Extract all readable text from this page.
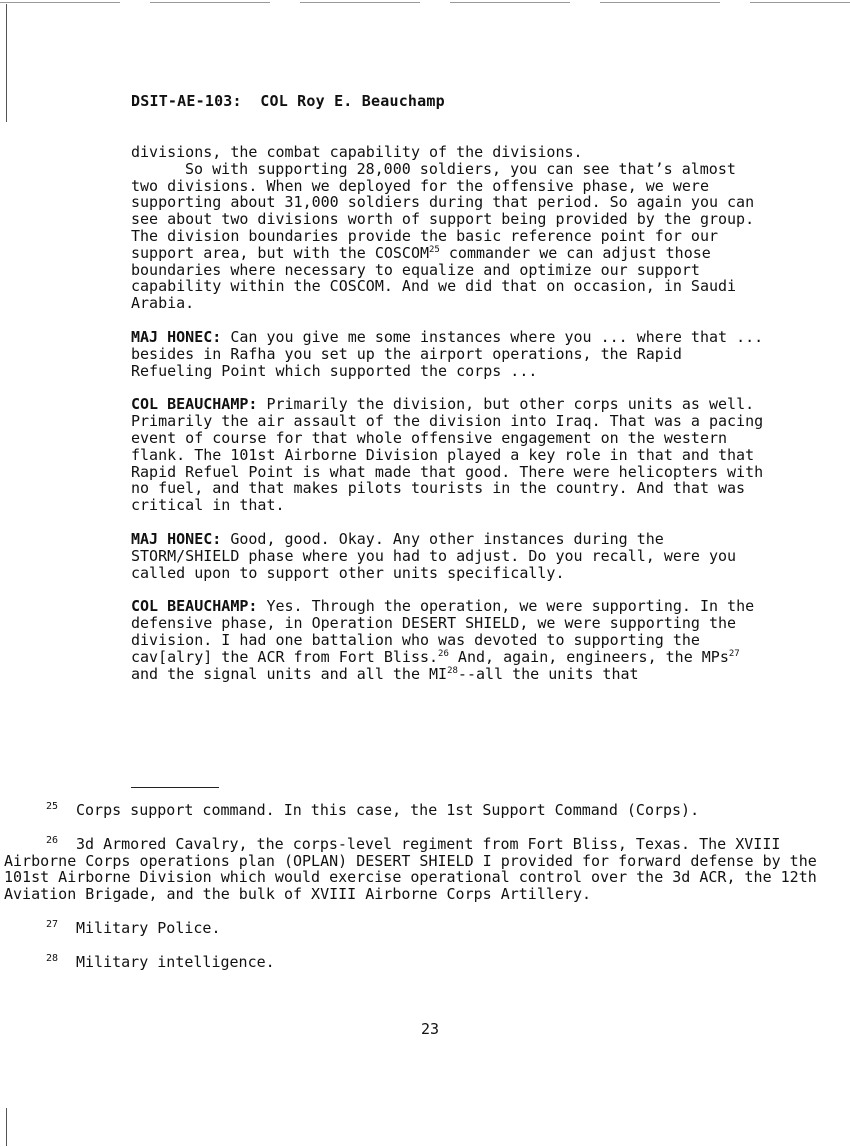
DSIT-AE-103:  COL Roy E. Beauchamp

divisions, the combat capability of the divisions.

So with supporting 28,000 soldiers, you can see that’s almost two divisions. When we deployed for the offensive phase, we were supporting about 31,000 soldiers during that period. So again you can see about two divisions worth of support being provided by the group. The division boundaries provide the basic reference point for our support area, but with the COSCOM$^{25}$ commander we can adjust those boundaries where necessary to equalize and optimize our support capability within the COSCOM. And we did that on occasion, in Saudi Arabia.

MAJ HONEC: Can you give me some instances where you ... where that ... besides in Rafha you set up the airport operations, the Rapid Refueling Point which supported the corps ...

COL BEAUCHAMP: Primarily the division, but other corps units as well. Primarily the air assault of the division into Iraq. That was a pacing event of course for that whole offensive engagement on the western flank. The 101st Airborne Division played a key role in that and that Rapid Refuel Point is what made that good. There were helicopters with no fuel, and that makes pilots tourists in the country. And that was critical in that.

MAJ HONEC: Good, good. Okay. Any other instances during the STORM/SHIELD phase where you had to adjust. Do you recall, were you called upon to support other units specifically.

COL BEAUCHAMP: Yes. Through the operation, we were supporting. In the defensive phase, in Operation DESERT SHIELD, we were supporting the division. I had one battalion who was devoted to supporting the cav[alry] the ACR from Fort Bliss.$^{26}$ And, again, engineers, the MPs$^{27}$ and the signal units and all the MI$^{28}$--all the units that

25 Corps support command. In this case, the 1st Support Command (Corps).

26 3d Armored Cavalry, the corps-level regiment from Fort Bliss, Texas. The XVIII Airborne Corps operations plan (OPLAN) DESERT SHIELD I provided for forward defense by the 101st Airborne Division which would exercise operational control over the 3d ACR, the 12th Aviation Brigade, and the bulk of XVIII Airborne Corps Artillery.

27 Military Police.

28 Military intelligence.

23
